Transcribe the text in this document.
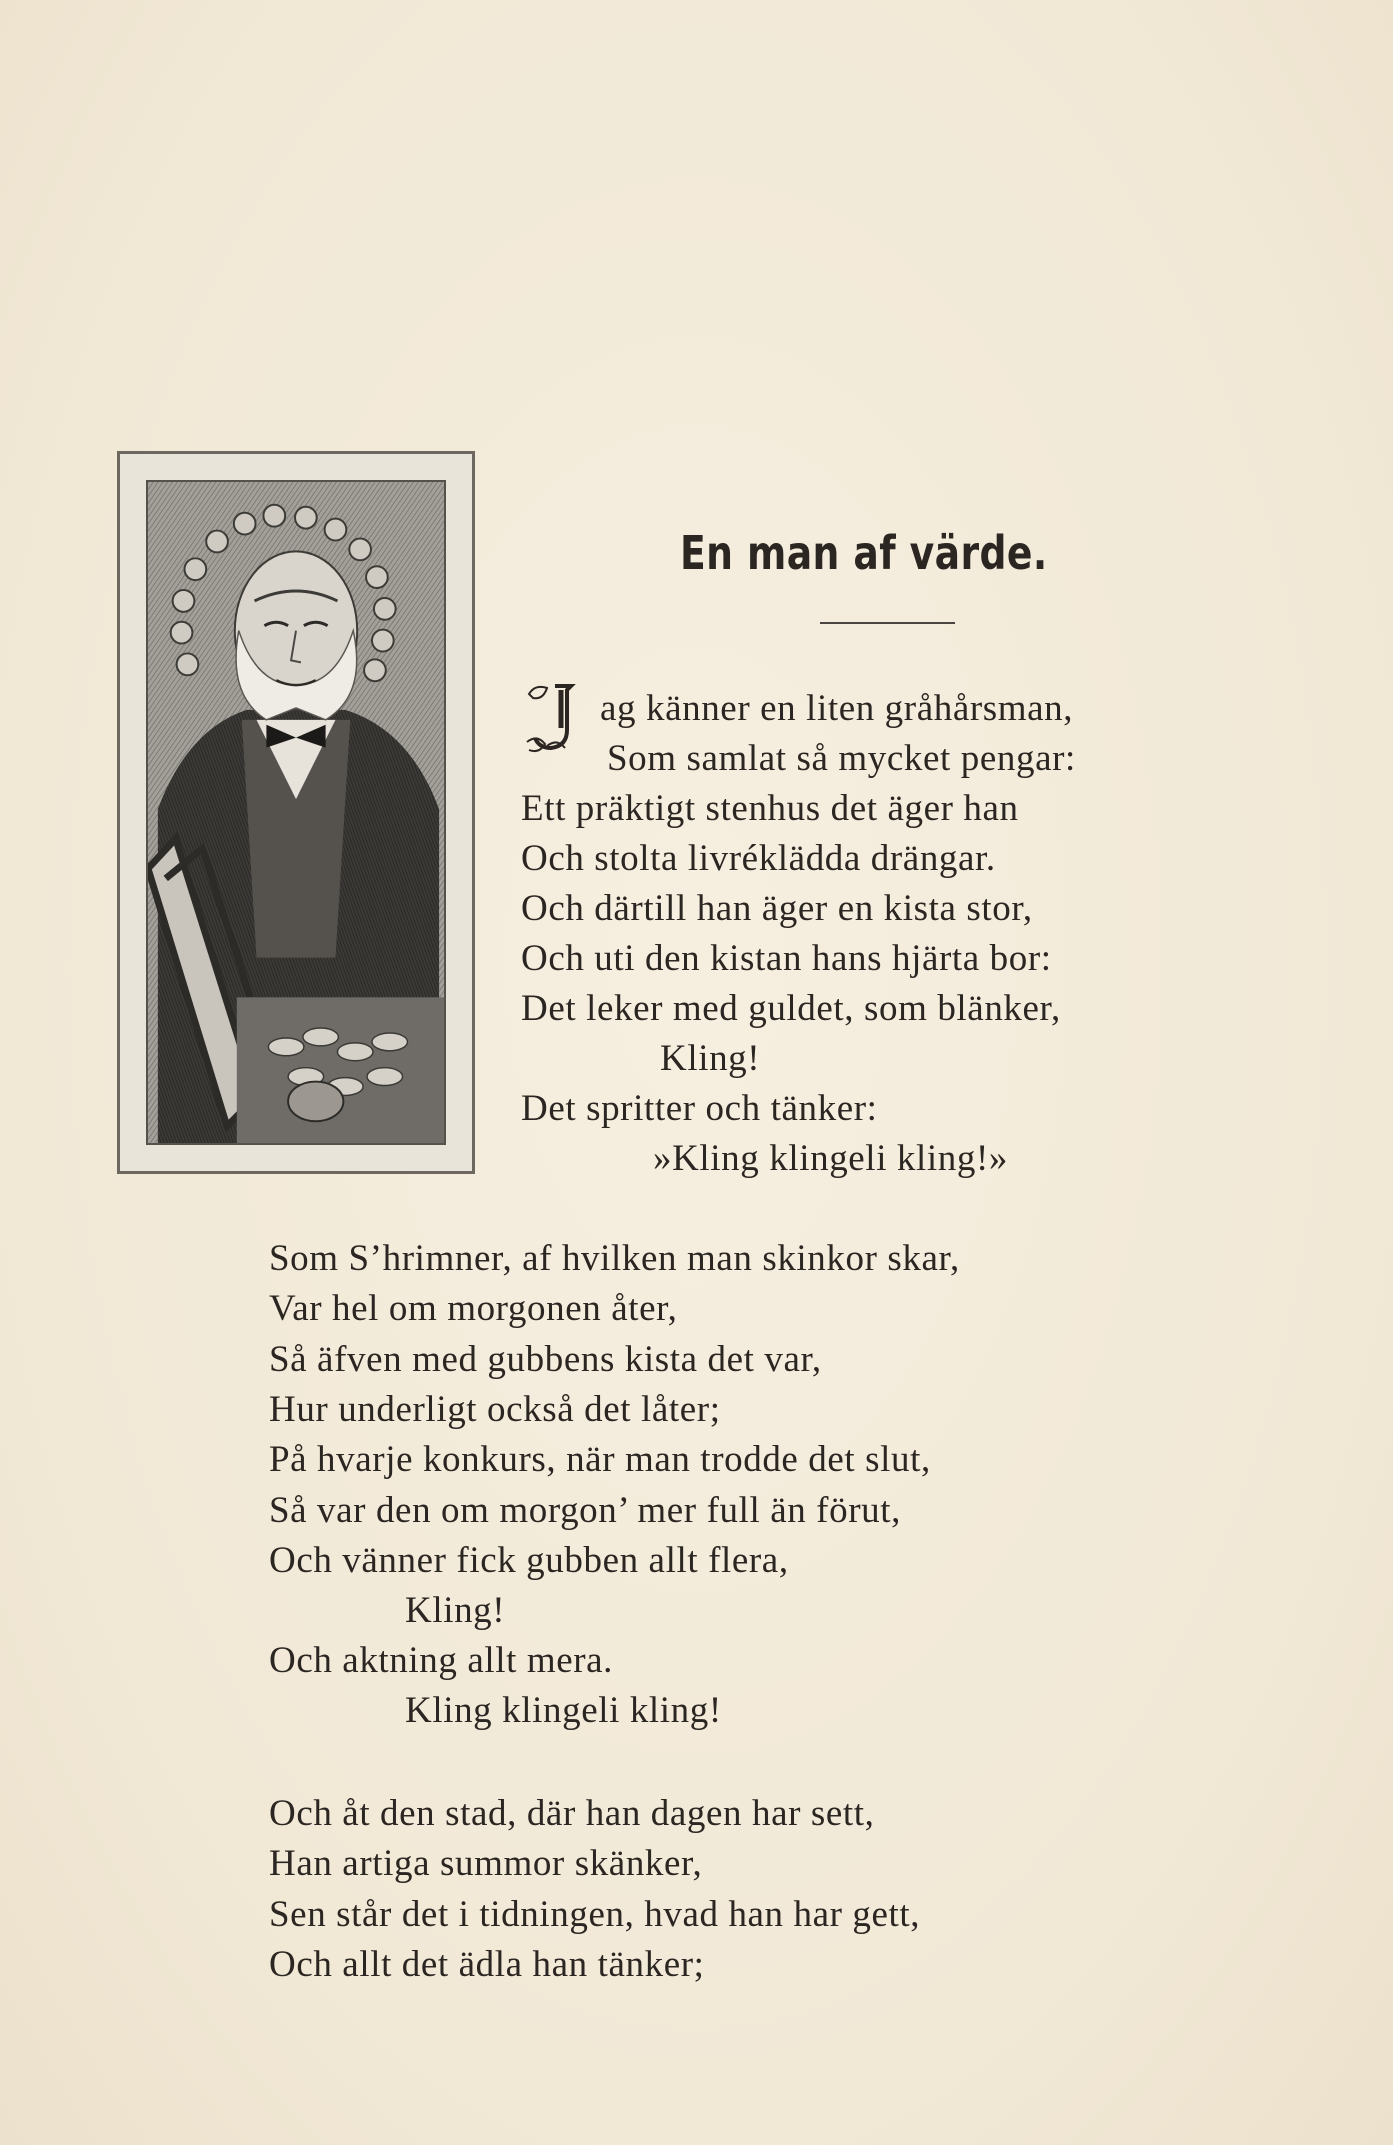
En man af värde.
ag känner en liten gråhårsman,
Som samlat så mycket pengar:
Ett präktigt stenhus det äger han
Och stolta livréklädda drängar.
Och därtill han äger en kista stor,
Och uti den kistan hans hjärta bor:
Det leker med guldet, som blänker,
Kling!
Det spritter och tänker:
»Kling klingeli kling!»
Som S’hrimner, af hvilken man skinkor skar,
Var hel om morgonen åter,
Så äfven med gubbens kista det var,
Hur underligt också det låter;
På hvarje konkurs, när man trodde det slut,
Så var den om morgon’ mer full än förut,
Och vänner fick gubben allt flera,
Kling!
Och aktning allt mera.
Kling klingeli kling!
Och åt den stad, där han dagen har sett,
Han artiga summor skänker,
Sen står det i tidningen, hvad han har gett,
Och allt det ädla han tänker;
